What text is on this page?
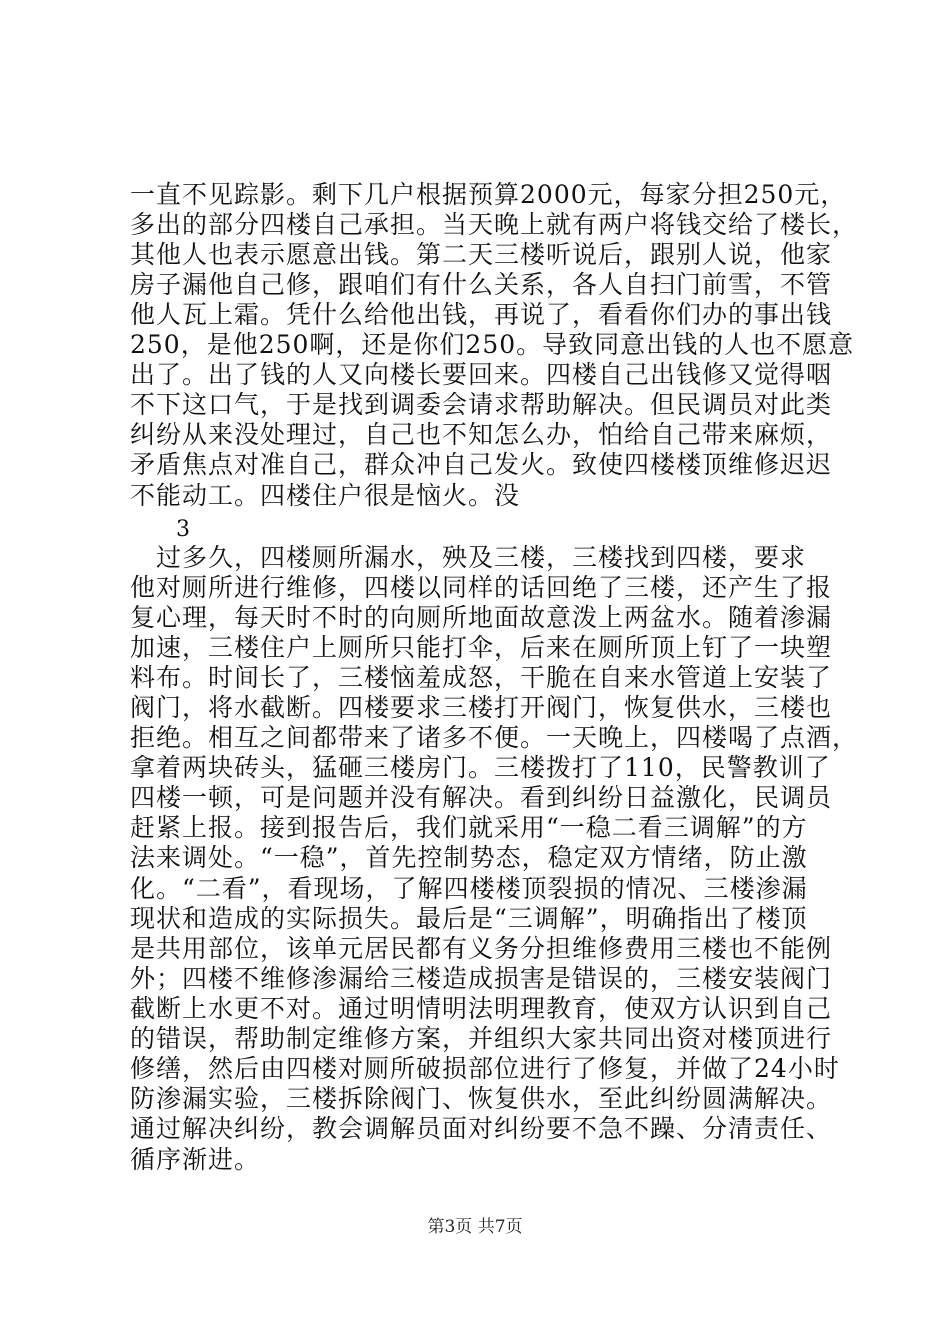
一直不见踪影。剩下几户根据预算2000元，每家分担250元，
多出的部分四楼自己承担。当天晚上就有两户将钱交给了楼长，
其他人也表示愿意出钱。第二天三楼听说后，跟别人说，他家
房子漏他自己修，跟咱们有什么关系，各人自扫门前雪，不管
他人瓦上霜。凭什么给他出钱，再说了，看看你们办的事出钱
250，是他250啊，还是你们250。导致同意出钱的人也不愿意
出了。出了钱的人又向楼长要回来。四楼自己出钱修又觉得咽
不下这口气，于是找到调委会请求帮助解决。但民调员对此类
纠纷从来没处理过，自己也不知怎么办，怕给自己带来麻烦，
矛盾焦点对准自己，群众冲自己发火。致使四楼楼顶维修迟迟
不能动工。四楼住户很是恼火。没
3
　过多久，四楼厕所漏水，殃及三楼，三楼找到四楼，要求
他对厕所进行维修，四楼以同样的话回绝了三楼，还产生了报
复心理，每天时不时的向厕所地面故意泼上两盆水。随着渗漏
加速，三楼住户上厕所只能打伞，后来在厕所顶上钉了一块塑
料布。时间长了，三楼恼羞成怒，干脆在自来水管道上安装了
阀门，将水截断。四楼要求三楼打开阀门，恢复供水，三楼也
拒绝。相互之间都带来了诸多不便。一天晚上，四楼喝了点酒，
拿着两块砖头，猛砸三楼房门。三楼拨打了110，民警教训了
四楼一顿，可是问题并没有解决。看到纠纷日益激化，民调员
赶紧上报。接到报告后，我们就采用“一稳二看三调解”的方
法来调处。“一稳”，首先控制势态，稳定双方情绪，防止激
化。“二看”，看现场，了解四楼楼顶裂损的情况、三楼渗漏
现状和造成的实际损失。最后是“三调解”，明确指出了楼顶
是共用部位，该单元居民都有义务分担维修费用三楼也不能例
外；四楼不维修渗漏给三楼造成损害是错误的，三楼安装阀门
截断上水更不对。通过明情明法明理教育，使双方认识到自己
的错误，帮助制定维修方案，并组织大家共同出资对楼顶进行
修缮，然后由四楼对厕所破损部位进行了修复，并做了24小时
防渗漏实验，三楼拆除阀门、恢复供水，至此纠纷圆满解决。
通过解决纠纷，教会调解员面对纠纷要不急不躁、分清责任、
循序渐进。
第3页 共7页
